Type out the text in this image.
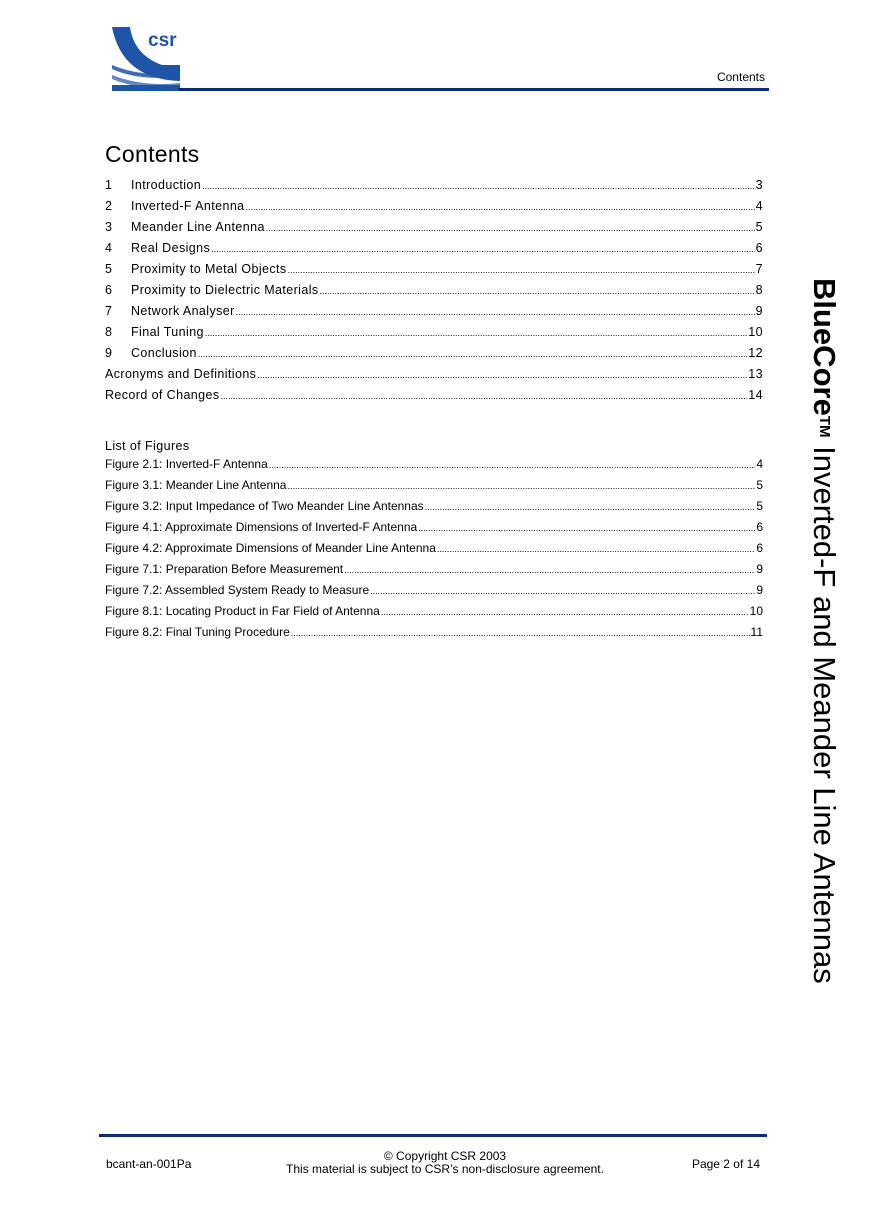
csr
Contents
Contents
1	Introduction .....	3
2	Inverted-F Antenna .....	4
3	Meander Line Antenna .....	5
4	Real Designs .....	6
5	Proximity to Metal Objects .....	7
6	Proximity to Dielectric Materials .....	8
7	Network Analyser .....	9
8	Final Tuning .....	10
9	Conclusion .....	12
Acronyms and Definitions .....	13
Record of Changes .....	14
List of Figures
Figure 2.1: Inverted-F Antenna .....	4
Figure 3.1: Meander Line Antenna .....	5
Figure 3.2: Input Impedance of Two Meander Line Antennas .....	5
Figure 4.1: Approximate Dimensions of Inverted-F Antenna .....	6
Figure 4.2: Approximate Dimensions of Meander Line Antenna .....	6
Figure 7.1: Preparation Before Measurement .....	9
Figure 7.2: Assembled System Ready to Measure .....	9
Figure 8.1: Locating Product in Far Field of Antenna .....	10
Figure 8.2: Final Tuning Procedure .....	11
BlueCoreTM Inverted-F and Meander Line Antennas
bcant-an-001Pa
© Copyright CSR 2003
This material is subject to CSR’s non-disclosure agreement.	Page 2 of 14
